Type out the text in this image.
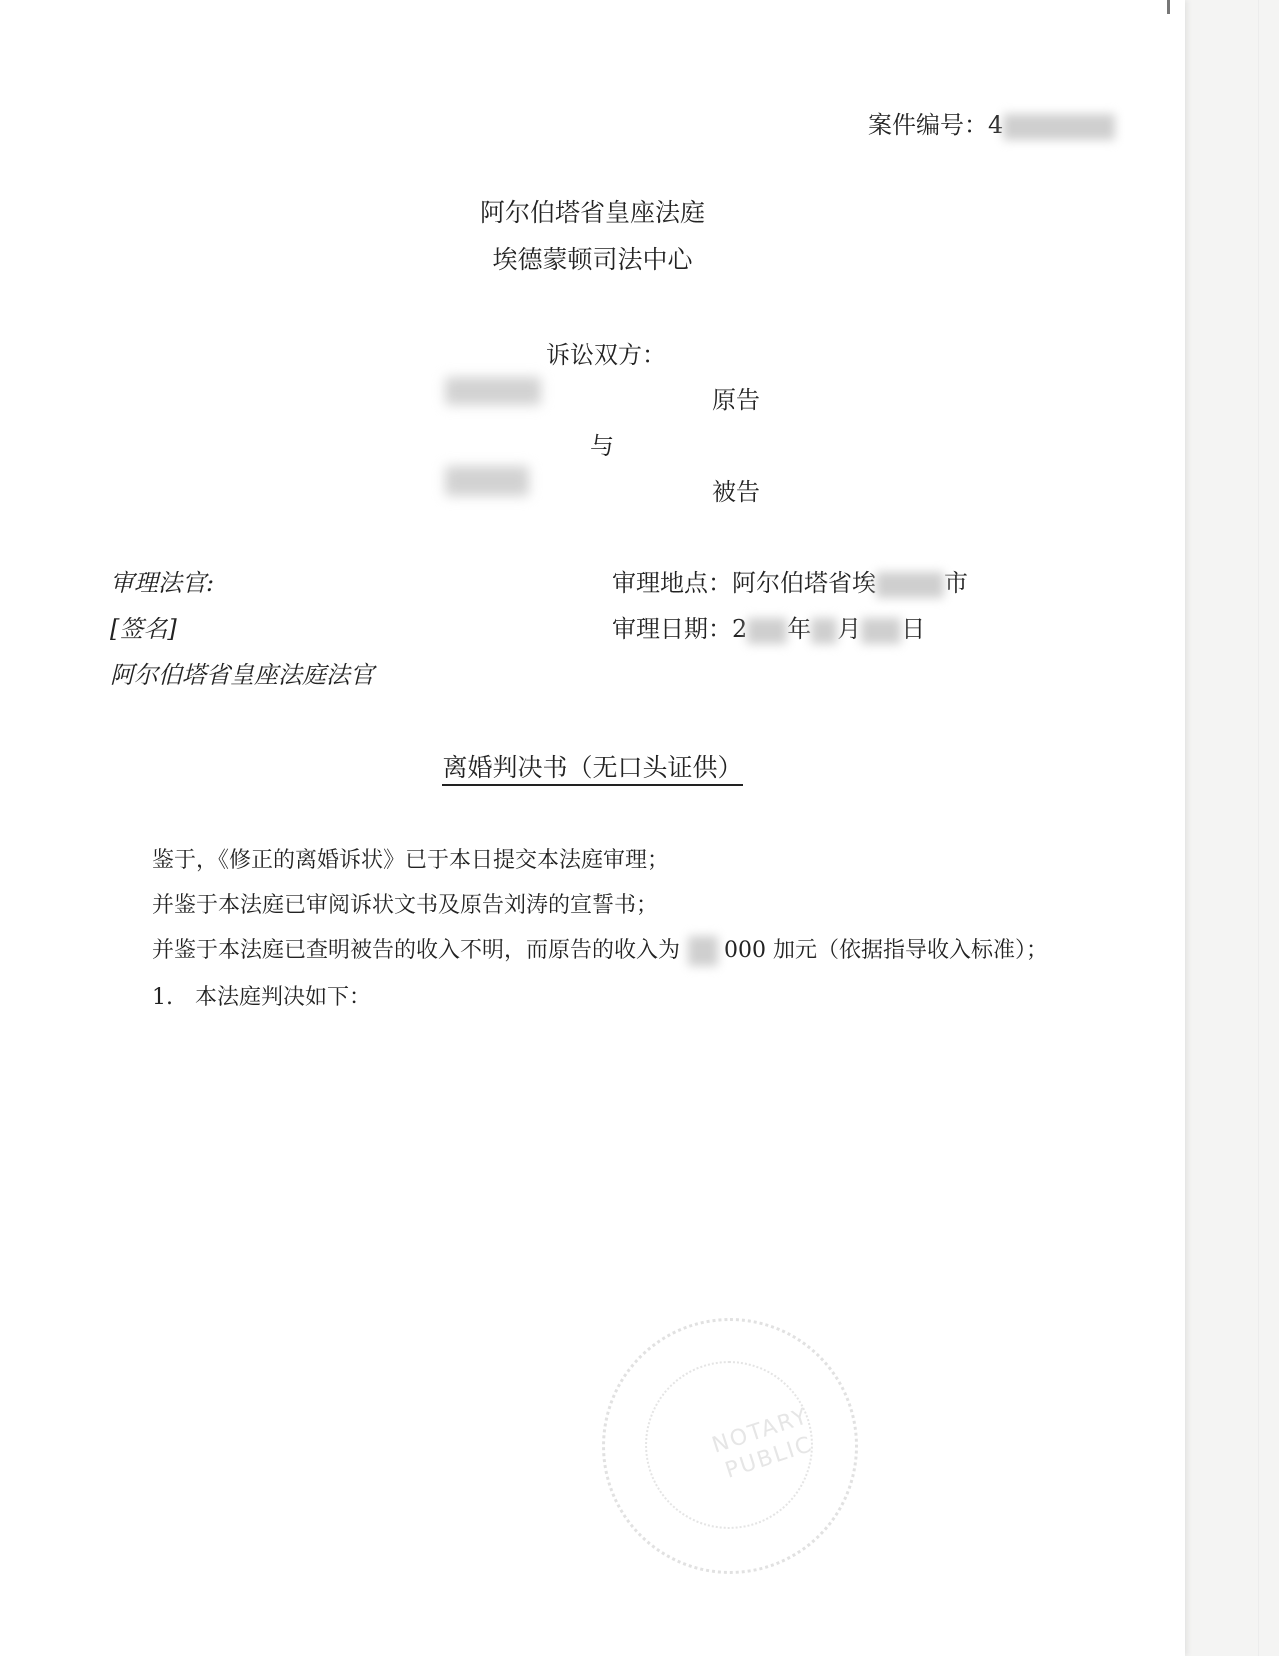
案件编号：4
阿尔伯塔省皇座法庭
埃德蒙顿司法中心
诉讼双方：
原告
与
被告
审理法官:
[签名]
阿尔伯塔省皇座法庭法官
审理地点：阿尔伯塔省埃	市
审理日期：2 年 月 日
离婚判决书（无口头证供）
鉴于，《修正的离婚诉状》已于本日提交本法庭审理；
并鉴于本法庭已审阅诉状文书及原告刘涛的宣誓书；
并鉴于本法庭已查明被告的收入不明，而原告的收入为 000 加元（依据指导收入标准）；
1. 本法庭判决如下：
NOTARY PUBLIC
